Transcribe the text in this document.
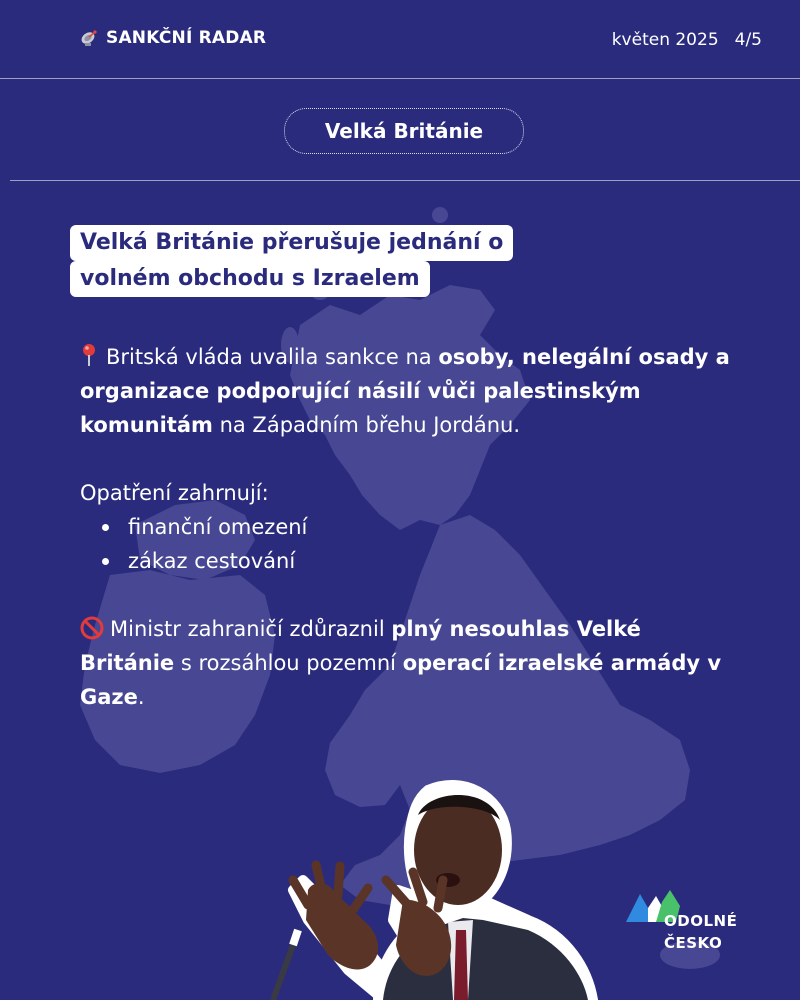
SANKČNÍ RADAR	květen 2025 4/5
Velká Británie
Velká Británie přerušuje jednání o
volném obchodu s Izraelem

Britská vláda uvalila sankce na osoby, nelegální osady a organizace podporující násilí vůči palestinským komunitám na Západním břehu Jordánu.

Opatření zahrnují:

finanční omezení
zákaz cestování

Ministr zahraničí zdůraznil plný nesouhlas Velké Británie s rozsáhlou pozemní operací izraelské armády v Gaze.

ODOLNÉ
ČESKO
